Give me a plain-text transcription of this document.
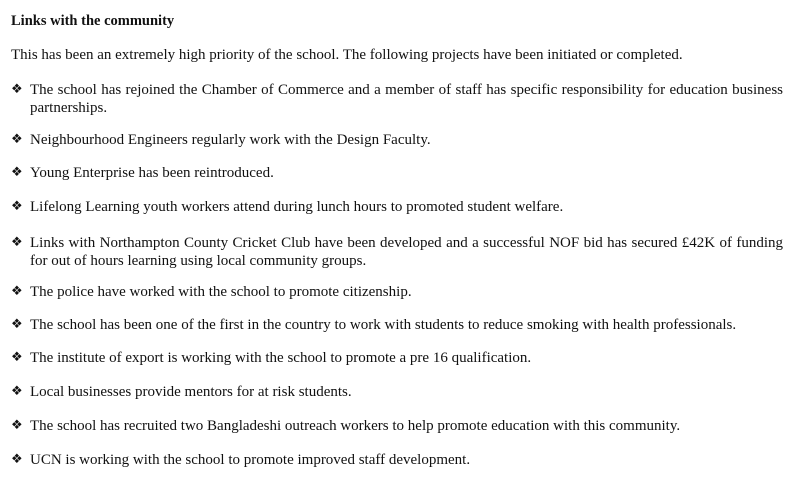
Links with the community

This has been an extremely high priority of the school. The following projects have been initiated or completed.

❖ The school has rejoined the Chamber of Commerce and a member of staff has specific responsibility for education business partnerships.
❖ Neighbourhood Engineers regularly work with the Design Faculty.
❖ Young Enterprise has been reintroduced.
❖ Lifelong Learning youth workers attend during lunch hours to promoted student welfare.
❖ Links with Northampton County Cricket Club have been developed and a successful NOF bid has secured £42K of funding for out of hours learning using local community groups.
❖ The police have worked with the school to promote citizenship.
❖ The school has been one of the first in the country to work with students to reduce smoking with health professionals.
❖ The institute of export is working with the school to promote a pre 16 qualification.
❖ Local businesses provide mentors for at risk students.
❖ The school has recruited two Bangladeshi outreach workers to help promote education with this community.
❖ UCN is working with the school to promote improved staff development.
